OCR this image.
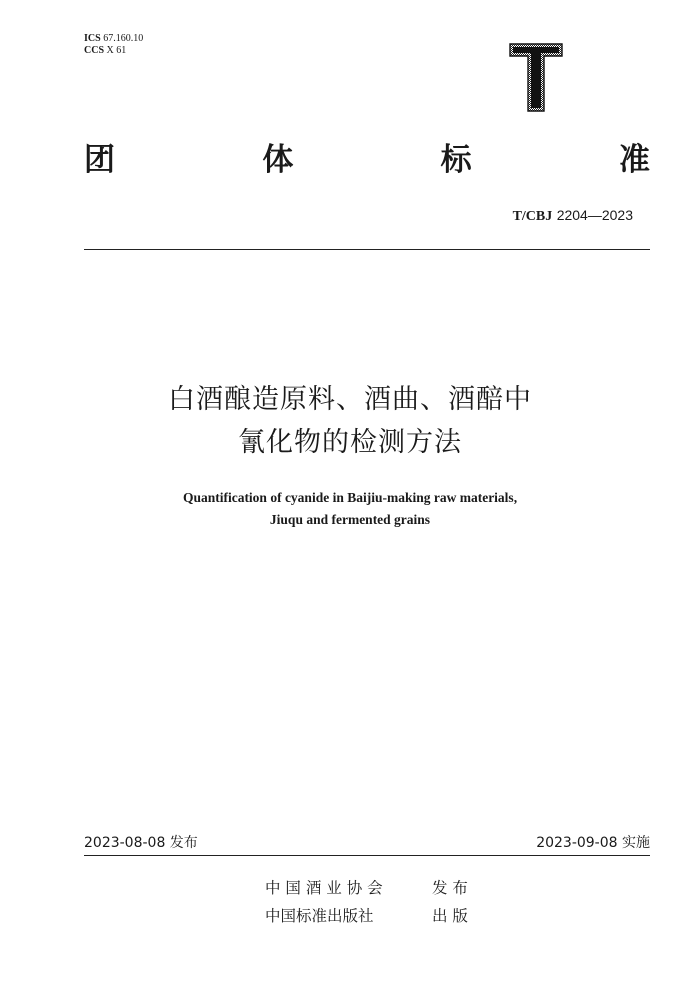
ICS 67.160.10
CCS X 61
团	体	标	准
T/CBJ 2204—2023
白酒酿造原料、酒曲、酒醅中
氰化物的检测方法
Quantification of cyanide in Baijiu-making raw materials,
Jiuqu and fermented grains
2023-08-08 发布	2023-09-08 实施
中 国 酒 业 协 会	发 布
中国标准出版社	出 版
